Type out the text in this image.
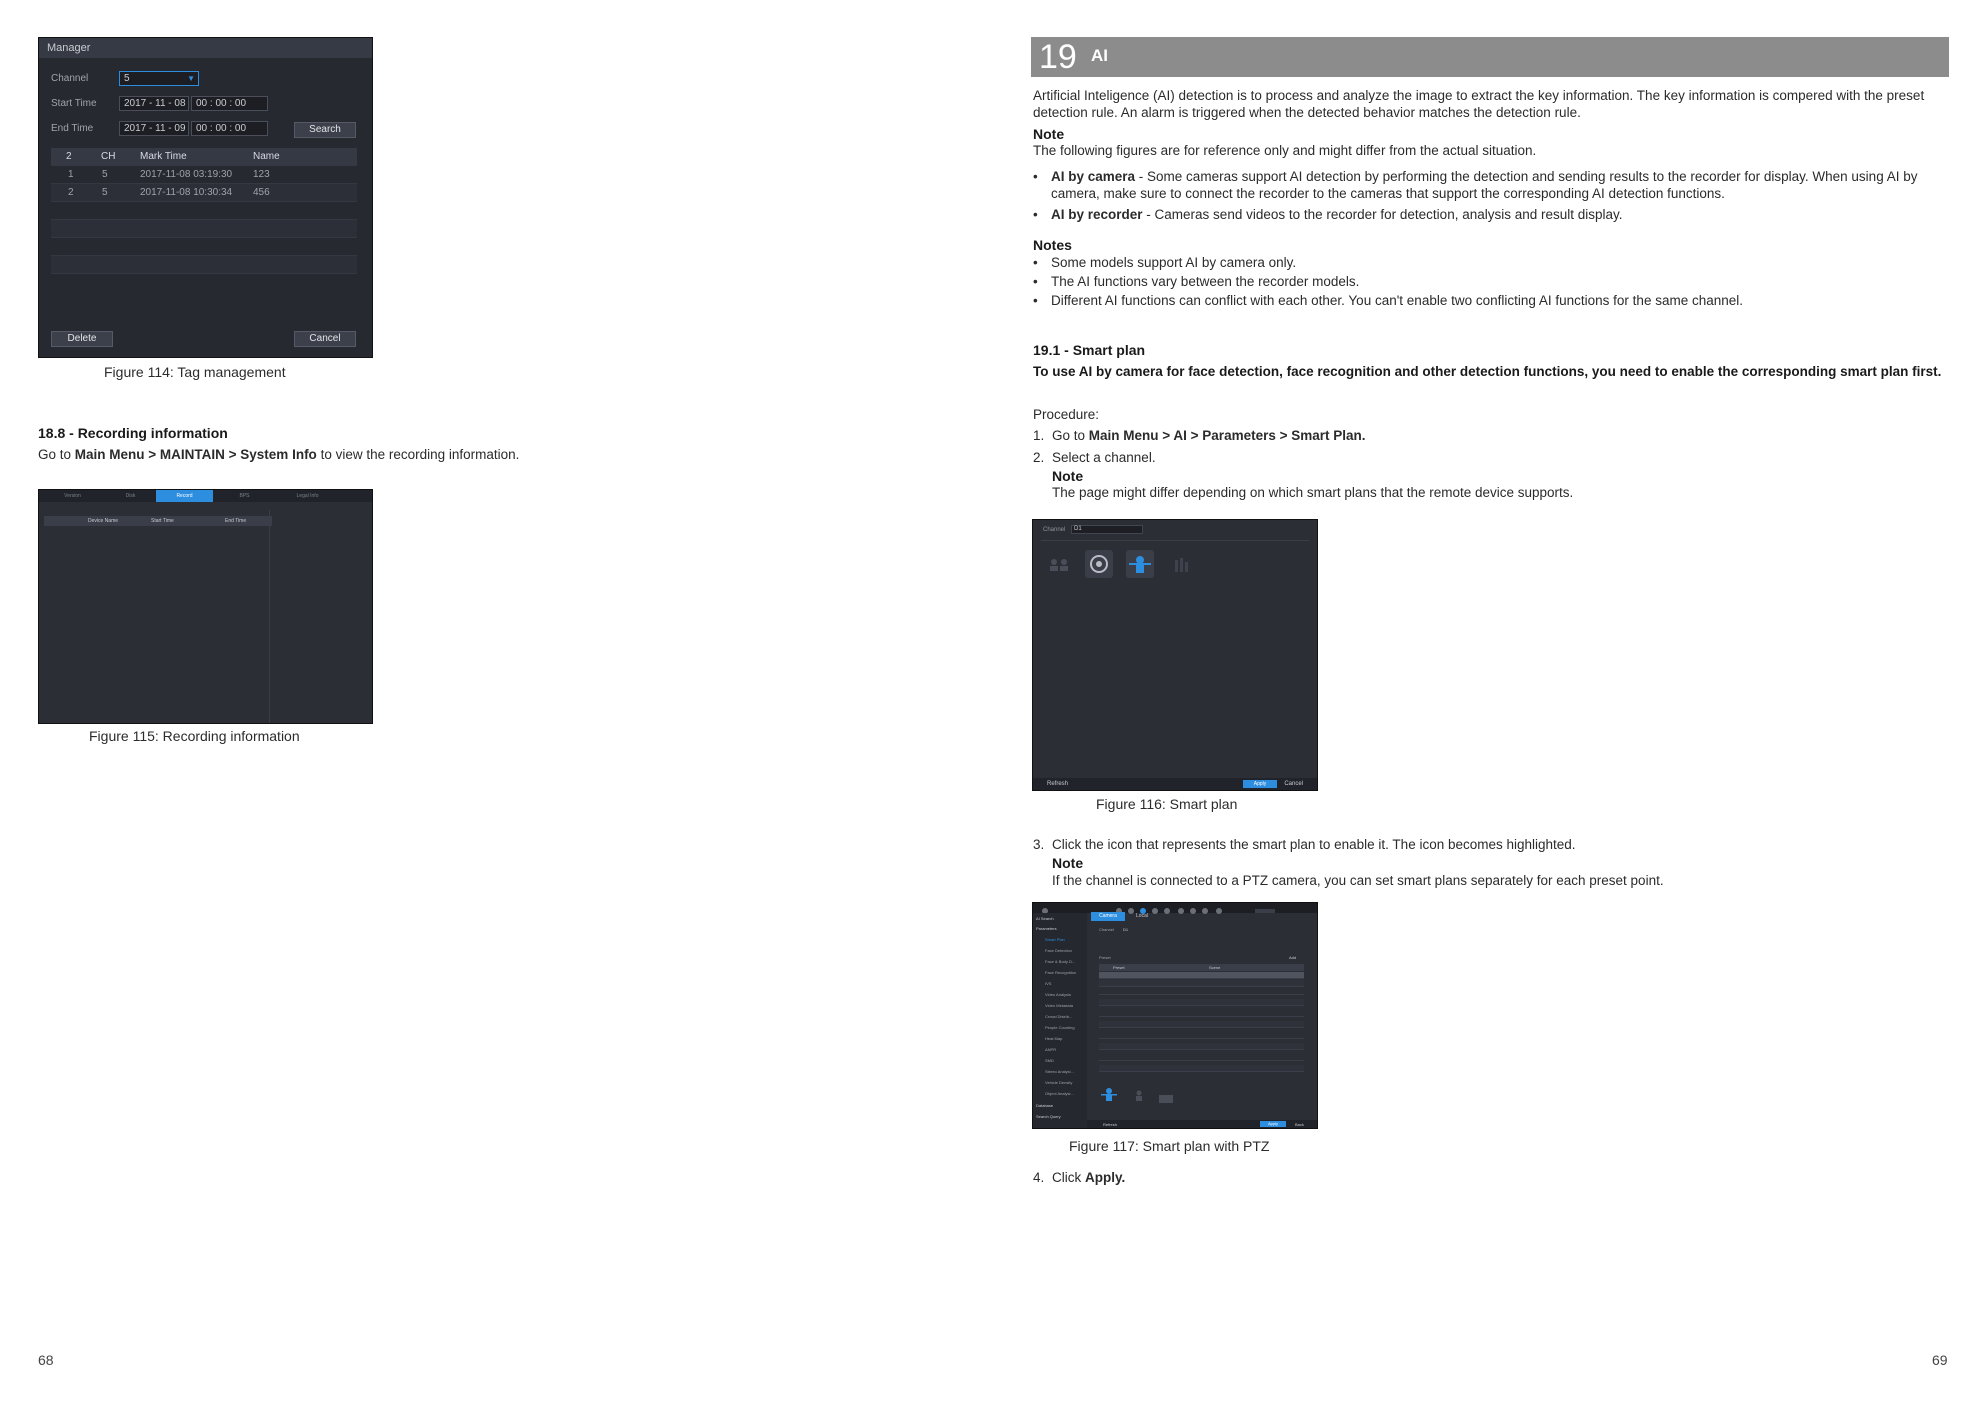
Manager
Channel	5	▼
Start Time	2017 - 11 - 08	00 : 00 : 00
End Time	2017 - 11 - 09	00 : 00 : 00	Search
2	CH Mark Time	Name
1	5	2017-11-08 03:19:30 123
2	5	2017-11-08 10:30:34 456
Delete	Cancel
Figure 114: Tag management
18.8 - Recording information
Go to Main Menu > MAINTAIN > System Info to view the recording information.
Version	Disk	Record	BPS	Legal Info
Device Name	Start Time	End Time
Figure 115: Recording information
68
19 AI
Artificial Inteligence (AI) detection is to process and analyze the image to extract the key information. The key information is compered with the preset detection rule. An alarm is triggered when the detected behavior matches the detection rule.
Note
The following figures are for reference only and might differ from the actual situation.
• AI by camera - Some cameras support AI detection by performing the detection and sending results to the recorder for display. When using AI by camera, make sure to connect the recorder to the cameras that support the corresponding AI detection functions.
• AI by recorder - Cameras send videos to the recorder for detection, analysis and result display.
Notes
• Some models support AI by camera only.
• The AI functions vary between the recorder models.
• Different AI functions can conflict with each other. You can't enable two conflicting AI functions for the same channel.
19.1 - Smart plan
To use AI by camera for face detection, face recognition and other detection functions, you need to enable the corresponding smart plan first.
Procedure:
1. Go to Main Menu > AI > Parameters > Smart Plan.
2. Select a channel.
Note
The page might differ depending on which smart plans that the remote device supports.
Channel	D1
Refresh	Apply	Cancel
Figure 116: Smart plan
3. Click the icon that represents the smart plan to enable it. The icon becomes highlighted.
Note
If the channel is connected to a PTZ camera, you can set smart plans separately for each preset point.
AI Search
Parameters
Smart Plan
Face Detection
Face & Body D...
Face Recognition
IVS
Video Analysis
Video Metadata
Crowd Distrib...
People Counting
Heat Map
ANPR
SMD
Stereo Analysi...
Vehicle Density
Object Analysi...
Database
Search Query
Camera	Local
Channel D1
Preset	Add
Preset	Scene
Refresh	Apply	Back
Figure 117: Smart plan with PTZ
4. Click Apply.
69
